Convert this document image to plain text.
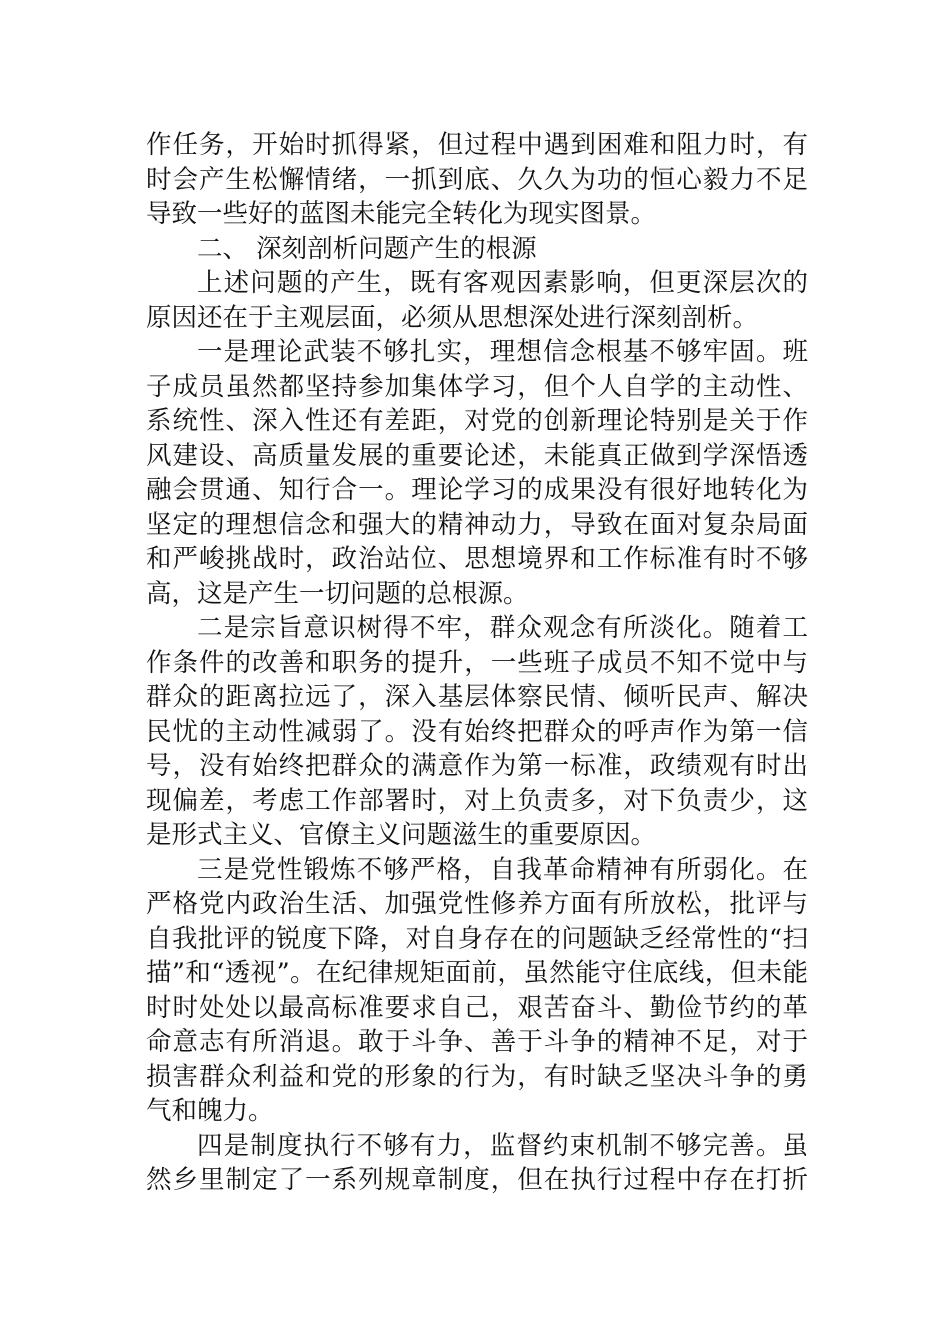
作任务，开始时抓得紧，但过程中遇到困难和阻力时，有
时会产生松懈情绪，一抓到底、久久为功的恒心毅力不足
导致一些好的蓝图未能完全转化为现实图景。
二、 深刻剖析问题产生的根源
上述问题的产生，既有客观因素影响，但更深层次的
原因还在于主观层面，必须从思想深处进行深刻剖析。
一是理论武装不够扎实，理想信念根基不够牢固。班
子成员虽然都坚持参加集体学习，但个人自学的主动性、
系统性、深入性还有差距，对党的创新理论特别是关于作
风建设、高质量发展的重要论述，未能真正做到学深悟透
融会贯通、知行合一。理论学习的成果没有很好地转化为
坚定的理想信念和强大的精神动力，导致在面对复杂局面
和严峻挑战时，政治站位、思想境界和工作标准有时不够
高，这是产生一切问题的总根源。
二是宗旨意识树得不牢，群众观念有所淡化。随着工
作条件的改善和职务的提升，一些班子成员不知不觉中与
群众的距离拉远了，深入基层体察民情、倾听民声、解决
民忧的主动性减弱了。没有始终把群众的呼声作为第一信
号，没有始终把群众的满意作为第一标准，政绩观有时出
现偏差，考虑工作部署时，对上负责多，对下负责少，这
是形式主义、官僚主义问题滋生的重要原因。
三是党性锻炼不够严格，自我革命精神有所弱化。在
严格党内政治生活、加强党性修养方面有所放松，批评与
自我批评的锐度下降，对自身存在的问题缺乏经常性的“扫
描”和“透视”。在纪律规矩面前，虽然能守住底线，但未能
时时处处以最高标准要求自己，艰苦奋斗、勤俭节约的革
命意志有所消退。敢于斗争、善于斗争的精神不足，对于
损害群众利益和党的形象的行为，有时缺乏坚决斗争的勇
气和魄力。
四是制度执行不够有力，监督约束机制不够完善。虽
然乡里制定了一系列规章制度，但在执行过程中存在打折
